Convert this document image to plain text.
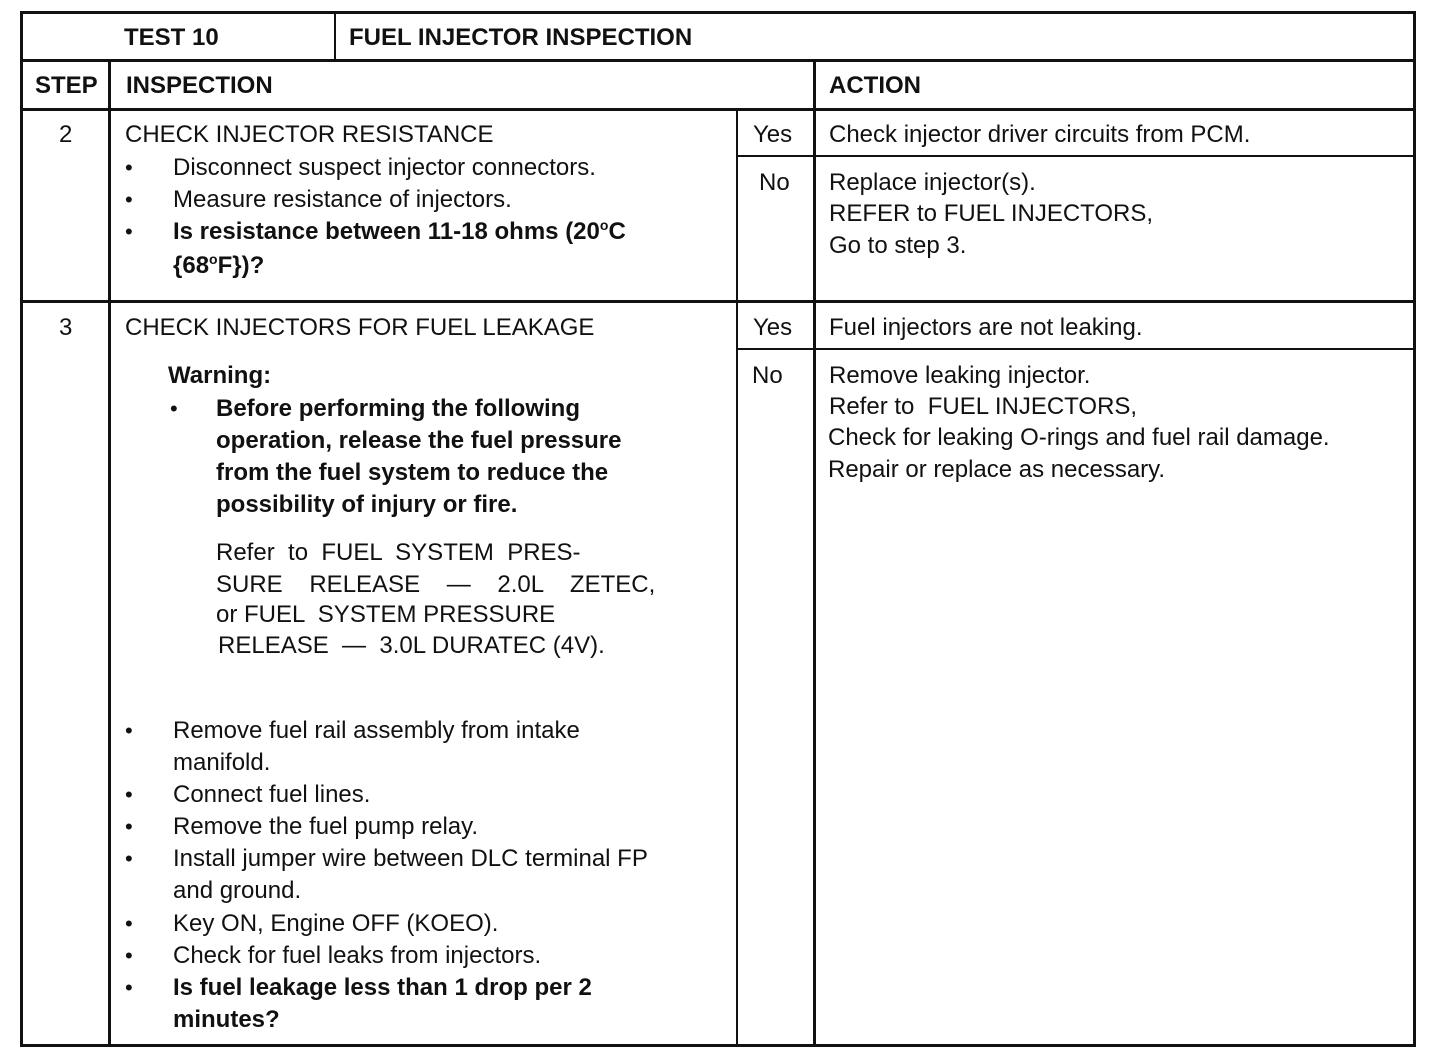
TEST 10	FUEL INJECTOR INSPECTION
STEP INSPECTION	ACTION
2 CHECK INJECTOR RESISTANCE
• Disconnect suspect injector connectors.
• Measure resistance of injectors.
• Is resistance between 11-18 ohms (20$^o$C
{68$^o$F})?
Yes Check injector driver circuits from PCM.
No Replace injector(s).
REFER to FUEL INJECTORS,
Go to step 3.
3 CHECK INJECTORS FOR FUEL LEAKAGE
Warning:
• Before performing the following
operation, release the fuel pressure
from the fuel system to reduce the
possibility of injury or fire.
Refer  to  FUEL  SYSTEM  PRES-
SURE    RELEASE    —    2.0L    ZETEC,
or FUEL  SYSTEM PRESSURE
RELEASE  —  3.0L DURATEC (4V).
• Remove fuel rail assembly from intake
manifold.
• Connect fuel lines.
• Remove the fuel pump relay.
• Install jumper wire between DLC terminal FP
and ground.
• Key ON, Engine OFF (KOEO).
• Check for fuel leaks from injectors.
• Is fuel leakage less than 1 drop per 2
minutes?
Yes Fuel injectors are not leaking.
No Remove leaking injector.
Refer to  FUEL INJECTORS,
Check for leaking O-rings and fuel rail damage.
Repair or replace as necessary.
